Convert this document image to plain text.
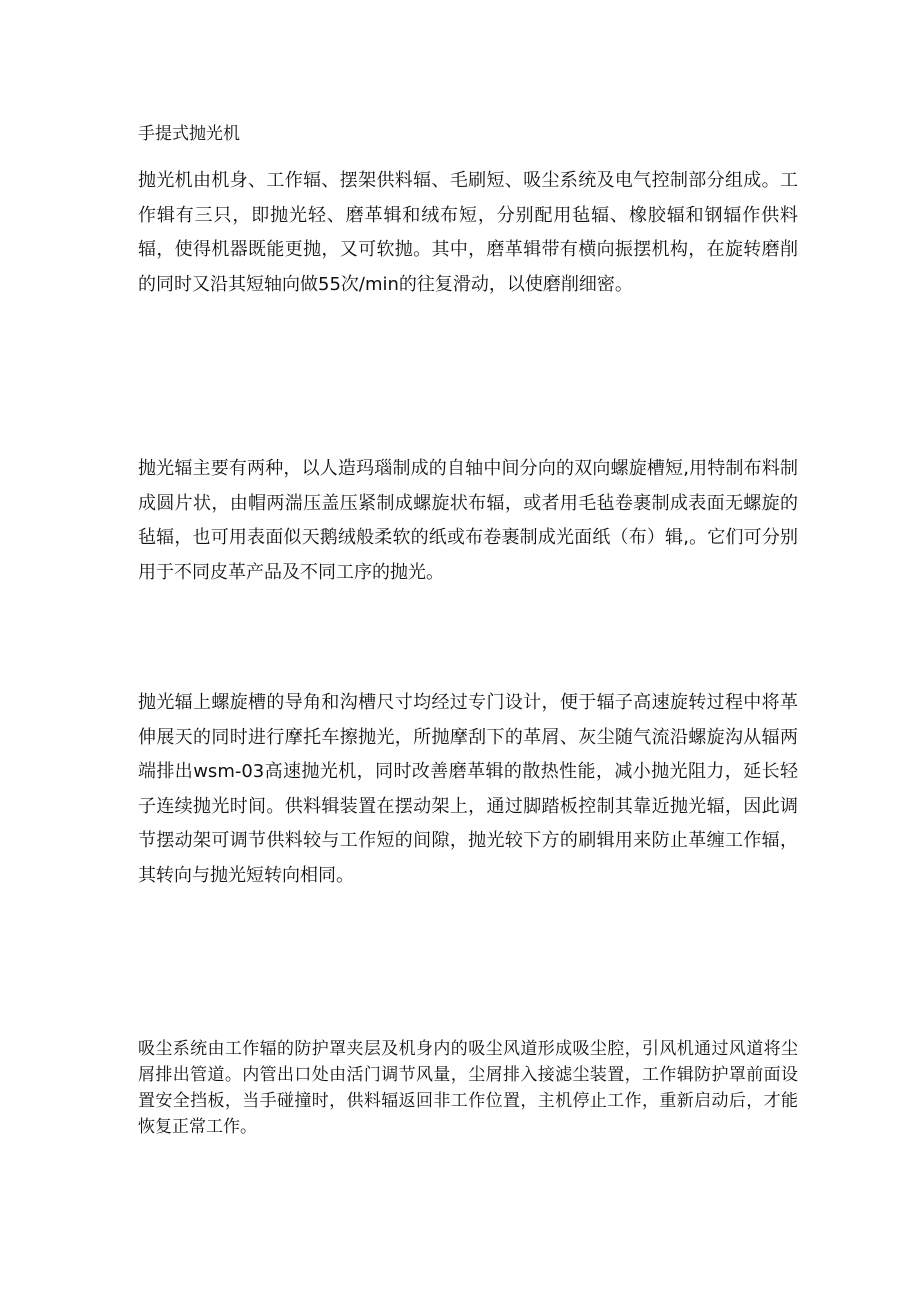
手提式抛光机

抛光机由机身、工作辐、摆架供料辐、毛刷短、吸尘系统及电气控制部分组成。工作辑有三只，即抛光轻、磨革辑和绒布短，分别配用毡辐、橡胶辐和钢辐作供料辐，使得机器既能更抛，又可软抛。其中，磨革辑带有横向振摆机构，在旋转磨削的同时又沿其短轴向做55次∕min的往复滑动，以使磨削细密。

抛光辐主要有两种，以人造玛瑙制成的自轴中间分向的双向螺旋槽短,用特制布料制成圆片状，由帽两湍压盖压紧制成螺旋状布辐，或者用毛毡卷裹制成表面无螺旋的毡辐，也可用表面似天鹅绒般柔软的纸或布卷裹制成光面纸（布）辑,。它们可分别用于不同皮革产品及不同工序的抛光。

抛光辐上螺旋槽的导角和沟槽尺寸均经过专门设计，便于辐子高速旋转过程中将革伸展天的同时进行摩托车擦抛光，所抛摩刮下的革屑、灰尘随气流沿螺旋沟从辐两端排出wsm-03高速抛光机，同时改善磨革辑的散热性能，减小抛光阻力，延长轻子连续抛光时间。供料辑装置在摆动架上，通过脚踏板控制其靠近抛光辐，因此调节摆动架可调节供料较与工作短的间隙，抛光较下方的刷辑用来防止革缠工作辐，其转向与抛光短转向相同。

吸尘系统由工作辐的防护罩夹层及机身内的吸尘风道形成吸尘腔，引风机通过风道将尘屑排出管道。内管出口处由活门调节风量，尘屑排入接滤尘装置，工作辑防护罩前面设置安全挡板，当手碰撞时，供料辐返回非工作位置，主机停止工作，重新启动后，才能恢复正常工作。
